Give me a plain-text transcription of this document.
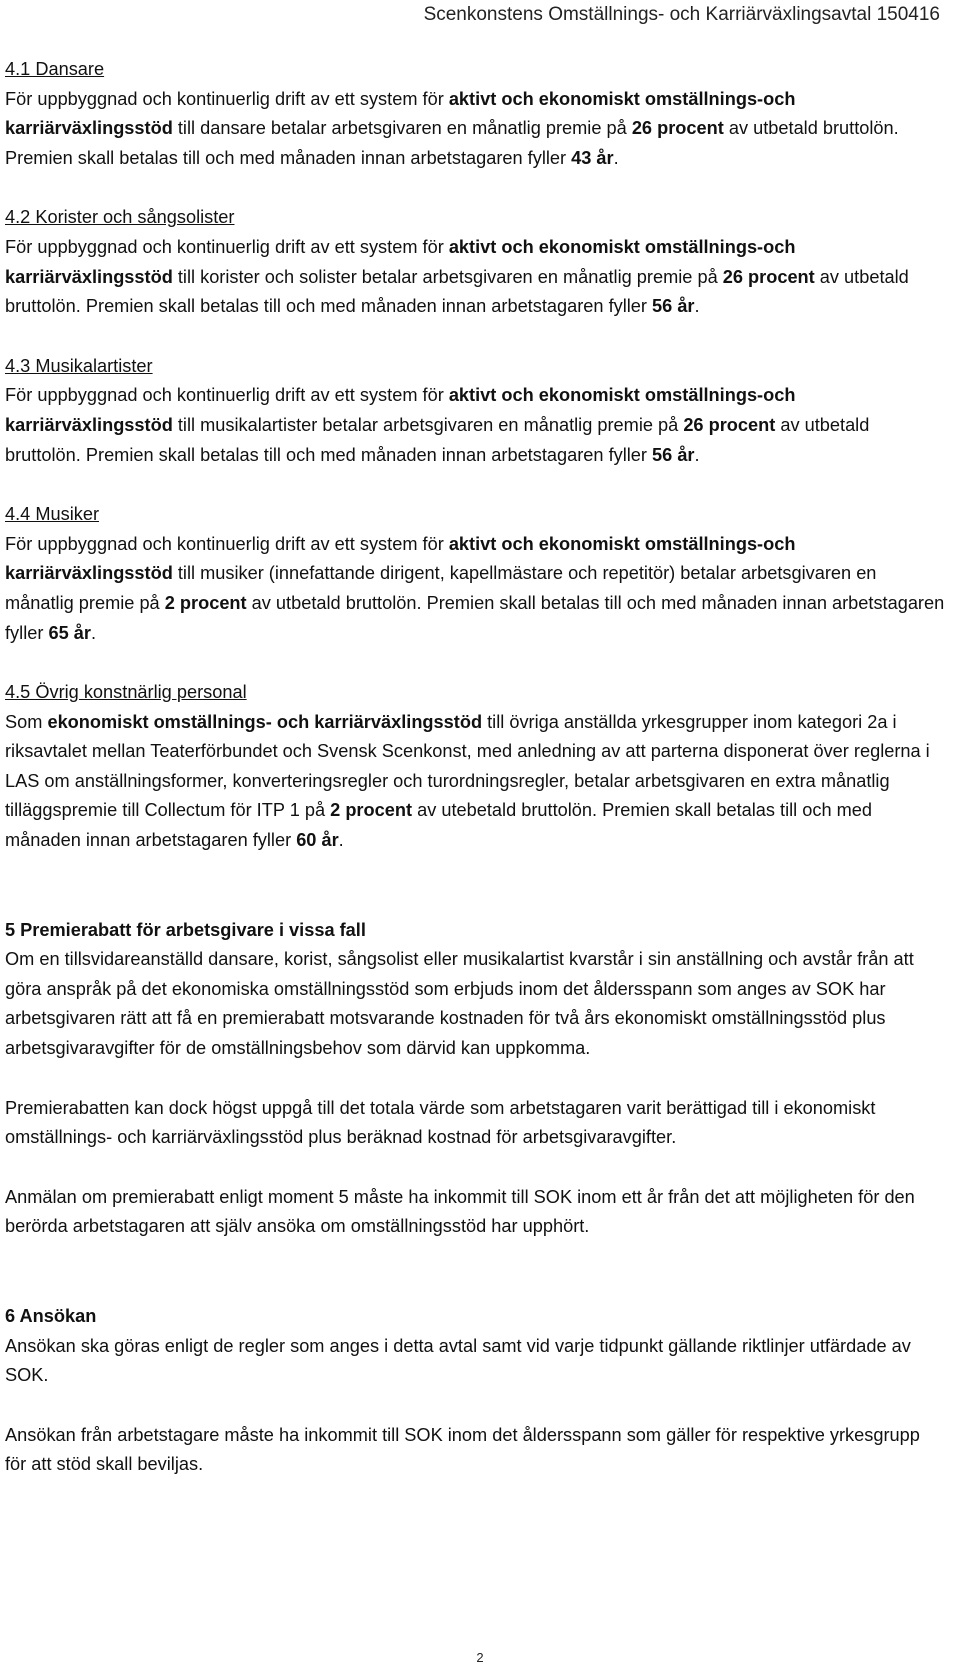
Scenkonstens Omställnings- och Karriärväxlingsavtal 150416
4.1 Dansare

För uppbyggnad och kontinuerlig drift av ett system för aktivt och ekonomiskt omställnings-och karriärväxlingsstöd till dansare betalar arbetsgivaren en månatlig premie på 26 procent av utbetald bruttolön. Premien skall betalas till och med månaden innan arbetstagaren fyller 43 år.

4.2 Korister och sångsolister

För uppbyggnad och kontinuerlig drift av ett system för aktivt och ekonomiskt omställnings-och karriärväxlingsstöd till korister och solister betalar arbetsgivaren en månatlig premie på 26 procent av utbetald bruttolön. Premien skall betalas till och med månaden innan arbetstagaren fyller 56 år.

4.3 Musikalartister

För uppbyggnad och kontinuerlig drift av ett system för aktivt och ekonomiskt omställnings-och karriärväxlingsstöd till musikalartister betalar arbetsgivaren en månatlig premie på 26 procent av utbetald bruttolön. Premien skall betalas till och med månaden innan arbetstagaren fyller 56 år.

4.4 Musiker

För uppbyggnad och kontinuerlig drift av ett system för aktivt och ekonomiskt omställnings-och karriärväxlingsstöd till musiker (innefattande dirigent, kapellmästare och repetitör) betalar arbetsgivaren en månatlig premie på 2 procent av utbetald bruttolön. Premien skall betalas till och med månaden innan arbetstagaren fyller 65 år.

4.5 Övrig konstnärlig personal

Som ekonomiskt omställnings- och karriärväxlingsstöd till övriga anställda yrkesgrupper inom kategori 2a i riksavtalet mellan Teaterförbundet och Svensk Scenkonst, med anledning av att parterna disponerat över reglerna i LAS om anställningsformer, konverteringsregler och turordningsregler, betalar arbetsgivaren en extra månatlig tilläggspremie till Collectum för ITP 1 på 2 procent av utebetald bruttolön. Premien skall betalas till och med månaden innan arbetstagaren fyller 60 år.

5 Premierabatt för arbetsgivare i vissa fall

Om en tillsvidareanställd dansare, korist, sångsolist eller musikalartist kvarstår i sin anställning och avstår från att göra anspråk på det ekonomiska omställningsstöd som erbjuds inom det åldersspann som anges av SOK har arbetsgivaren rätt att få en premierabatt motsvarande kostnaden för två års ekonomiskt omställningsstöd plus arbetsgivaravgifter för de omställningsbehov som därvid kan uppkomma.

Premierabatten kan dock högst uppgå till det totala värde som arbetstagaren varit berättigad till i ekonomiskt omställnings- och karriärväxlingsstöd plus beräknad kostnad för arbetsgivaravgifter.

Anmälan om premierabatt enligt moment 5 måste ha inkommit till SOK inom ett år från det att möjligheten för den berörda arbetstagaren att själv ansöka om omställningsstöd har upphört.

6 Ansökan

Ansökan ska göras enligt de regler som anges i detta avtal samt vid varje tidpunkt gällande riktlinjer utfärdade av SOK.

Ansökan från arbetstagare måste ha inkommit till SOK inom det åldersspann som gäller för respektive yrkesgrupp för att stöd skall beviljas.

2
